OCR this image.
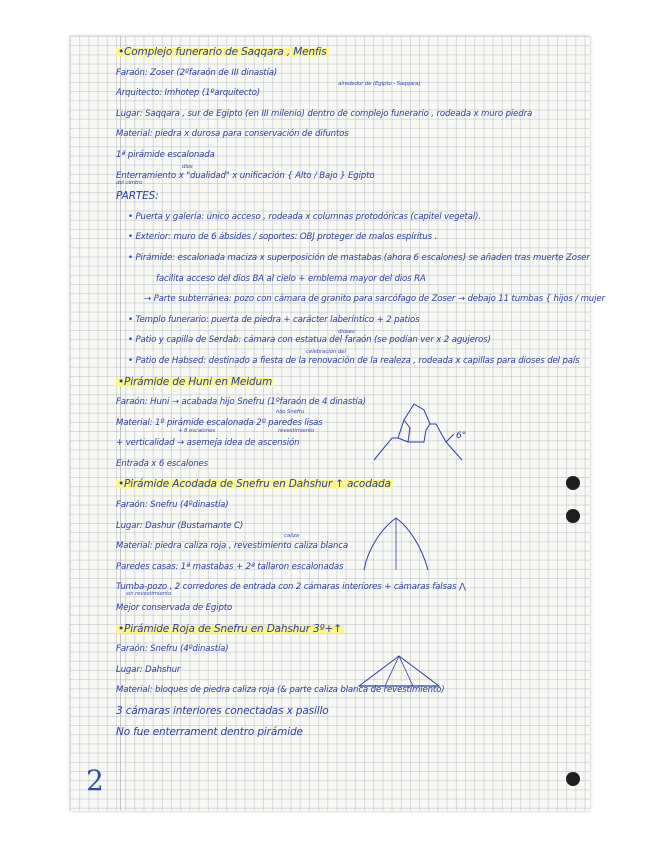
2
•Complejo funerario de Saqqara , Menfis
Faraón: Zoser (2ºfaraón de III dinastía)
Arquitecto: Imhotep (1ºarquitecto)
alrededor de (Egipto - Saqqara)
Lugar: Saqqara , sur de Egipto (en III milenio) dentro de complejo funerario , rodeada x muro piedra
Material: piedra x durosa para conservación de difuntos
1ª pirámide escalonada
Enterramiento x "dualidad" x unificación { Alto / Bajo } Egipto
dios
del centro
PARTES:
• Puerta y galería: único acceso , rodeada x columnas protodóricas (capitel vegetal).
• Exterior: muro de 6 ábsides / soportes: OBJ proteger de malos espíritus .
• Pirámide: escalonada maciza x superposición de mastabas (ahora 6 escalones) se añaden tras muerte Zoser
facilita acceso del dios BA al cielo + emblema mayor del dios RA
→ Parte subterránea: pozo con cámara de granito para sarcófago de Zoser → debajo 11 tumbas { hijos / mujer
• Templo funerario: puerta de piedra + carácter laberíntico + 2 patios
• Patio y capilla de Serdab: cámara con estatua del faraón (se podían ver x 2 agujeros)
dioses
• Patio de Habsed: destinado a fiesta de la renovación de la realeza , rodeada x capillas para dioses del país
celebración del
•Pirámide de Huni en Meidum
Faraón: Huni → acabada hijo Snefru (1ºfaraón de 4 dinastía)
Material: 1º pirámide escalonada 2º paredes lisas
hijo Snefru
+ 8 escalones	revestimiento
+ verticalidad → asemeja idea de ascensión
Entrada x 6 escalones
•Pirámide Acodada de Snefru en Dahshur ↑ acodada
Faraón: Snefru (4ºdinastía)
Lugar: Dashur (Bustamante C)
Material: piedra caliza roja , revestimiento caliza blanca
caliza
Paredes casas: 1ª mastabas + 2ª tallaron escalonadas
Tumba-pozo , 2 corredores de entrada con 2 cámaras interiores + cámaras falsas ⋀
sin revestimiento
Mejor conservada de Egipto
•Pirámide Roja de Snefru en Dahshur 3º+↑
Faraón: Snefru (4ºdinastía)
Lugar: Dahshur
Material: bloques de piedra caliza roja (& parte caliza blanca de revestimiento)
3 cámaras interiores conectadas x pasillo
No fue enterrament dentro pirámide
6°
